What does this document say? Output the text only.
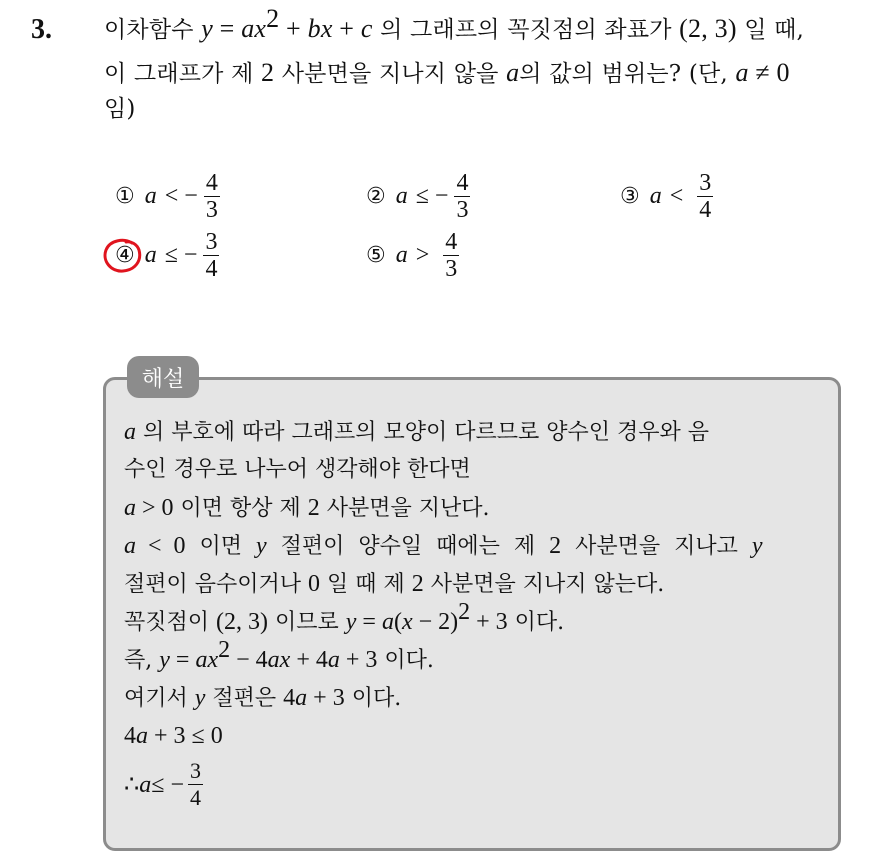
3. 이차함수 $y = ax^2$ + bx + c 의 그래프의 꼭짓점의 좌표가 (2, 3) 일 때,
이 그래프가 제 2 사분면을 지나지 않을 a의 값의 범위는? (단, a ≠ 0
임)
① a < − $\frac{4}{3}$	② a ≤ − $\frac{4}{3}$	③ $a < \frac{3}{4}$
④ a ≤ − $\frac{3}{4}$	⑤ $a > \frac{4}{3}$
해설
a 의 부호에 따라 그래프의 모양이 다르므로 양수인 경우와 음
수인 경우로 나누어 생각해야 한다면
a > 0 이면 항상 제 2 사분면을 지난다.
a  <  0  이면  y  절편이  양수일  때에는  제  2  사분면을  지나고  y
절편이 음수이거나 0 일 때 제 2 사분면을 지나지 않는다.
꼭짓점이 (2, 3) 이므로 $y = a(x - 2)^2 + 3$ 이다.
즉, $y = ax^2 - 4ax + 4a + 3$ 이다.
여기서 y 절편은 4a + 3 이다.
4a + 3 ≤ 0
∴ a ≤ − $\frac{3}{4}$
